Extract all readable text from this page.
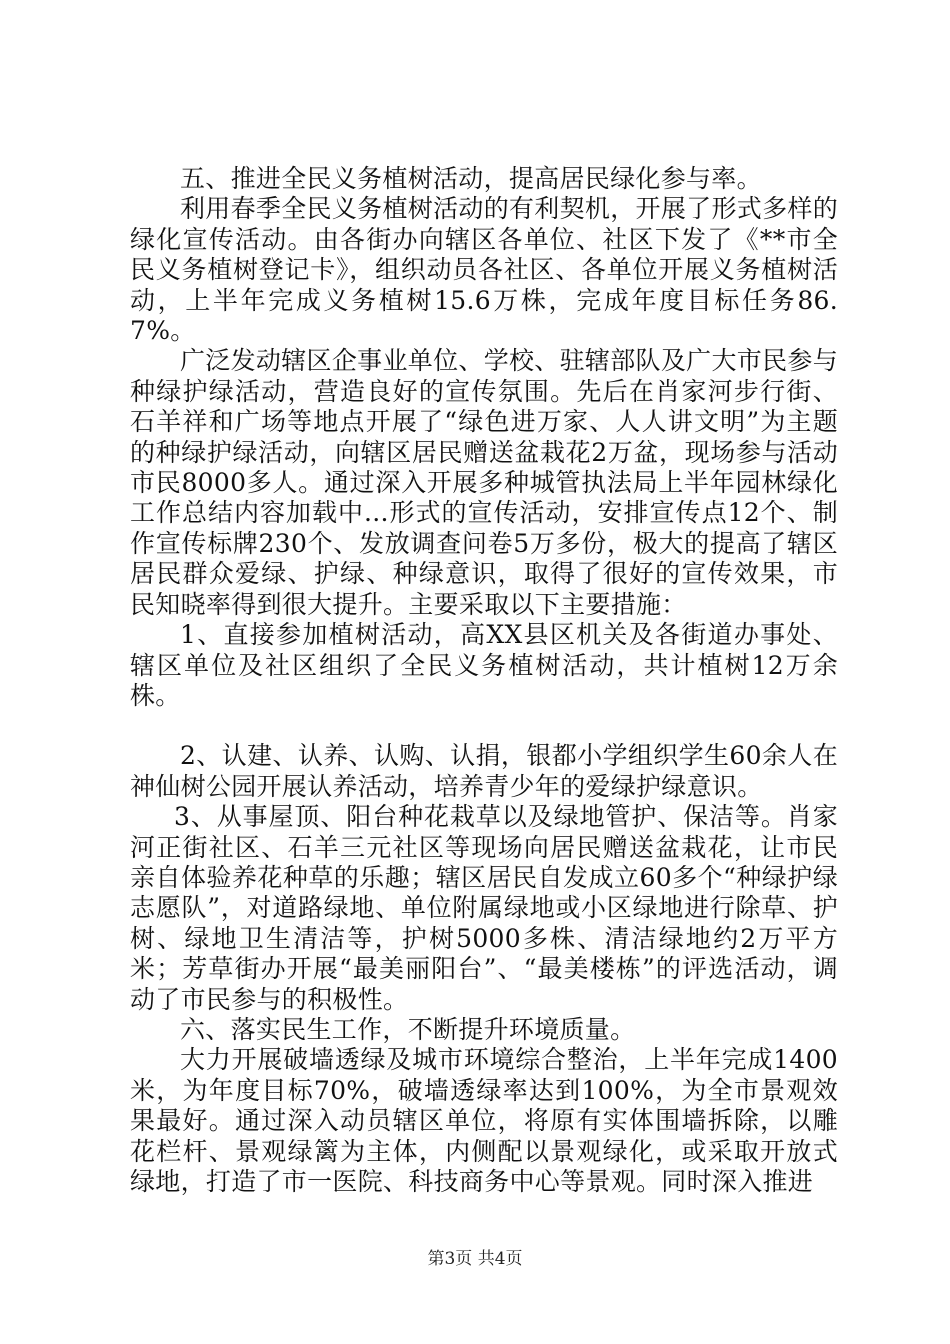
五、推进全民义务植树活动，提高居民绿化参与率。

利用春季全民义务植树活动的有利契机，开展了形式多样的绿化宣传活动。由各街办向辖区各单位、社区下发了《**市全民义务植树登记卡》，组织动员各社区、各单位开展义务植树活动，上半年完成义务植树15.6万株，完成年度目标任务86.7%。

广泛发动辖区企事业单位、学校、驻辖部队及广大市民参与种绿护绿活动，营造良好的宣传氛围。先后在肖家河步行街、石羊祥和广场等地点开展了“绿色进万家、人人讲文明”为主题的种绿护绿活动，向辖区居民赠送盆栽花2万盆，现场参与活动市民8000多人。通过深入开展多种城管执法局上半年园林绿化工作总结内容加载中...形式的宣传活动，安排宣传点12个、制作宣传标牌230个、发放调查问卷5万多份，极大的提高了辖区居民群众爱绿、护绿、种绿意识，取得了很好的宣传效果，市民知晓率得到很大提升。主要采取以下主要措施：

1、直接参加植树活动，高XX县区机关及各街道办事处、辖区单位及社区组织了全民义务植树活动，共计植树12万余株。

2、认建、认养、认购、认捐，银都小学组织学生60余人在神仙树公园开展认养活动，培养青少年的爱绿护绿意识。

3、从事屋顶、阳台种花栽草以及绿地管护、保洁等。肖家河正街社区、石羊三元社区等现场向居民赠送盆栽花，让市民亲自体验养花种草的乐趣；辖区居民自发成立60多个“种绿护绿志愿队”，对道路绿地、单位附属绿地或小区绿地进行除草、护树、绿地卫生清洁等，护树5000多株、清洁绿地约2万平方米；芳草街办开展“最美丽阳台”、“最美楼栋”的评选活动，调动了市民参与的积极性。

六、落实民生工作，不断提升环境质量。

大力开展破墙透绿及城市环境综合整治，上半年完成1400米，为年度目标70%，破墙透绿率达到100%，为全市景观效果最好。通过深入动员辖区单位，将原有实体围墙拆除，以雕花栏杆、景观绿篱为主体，内侧配以景观绿化，或采取开放式绿地，打造了市一医院、科技商务中心等景观。同时深入推进

第3页 共4页
